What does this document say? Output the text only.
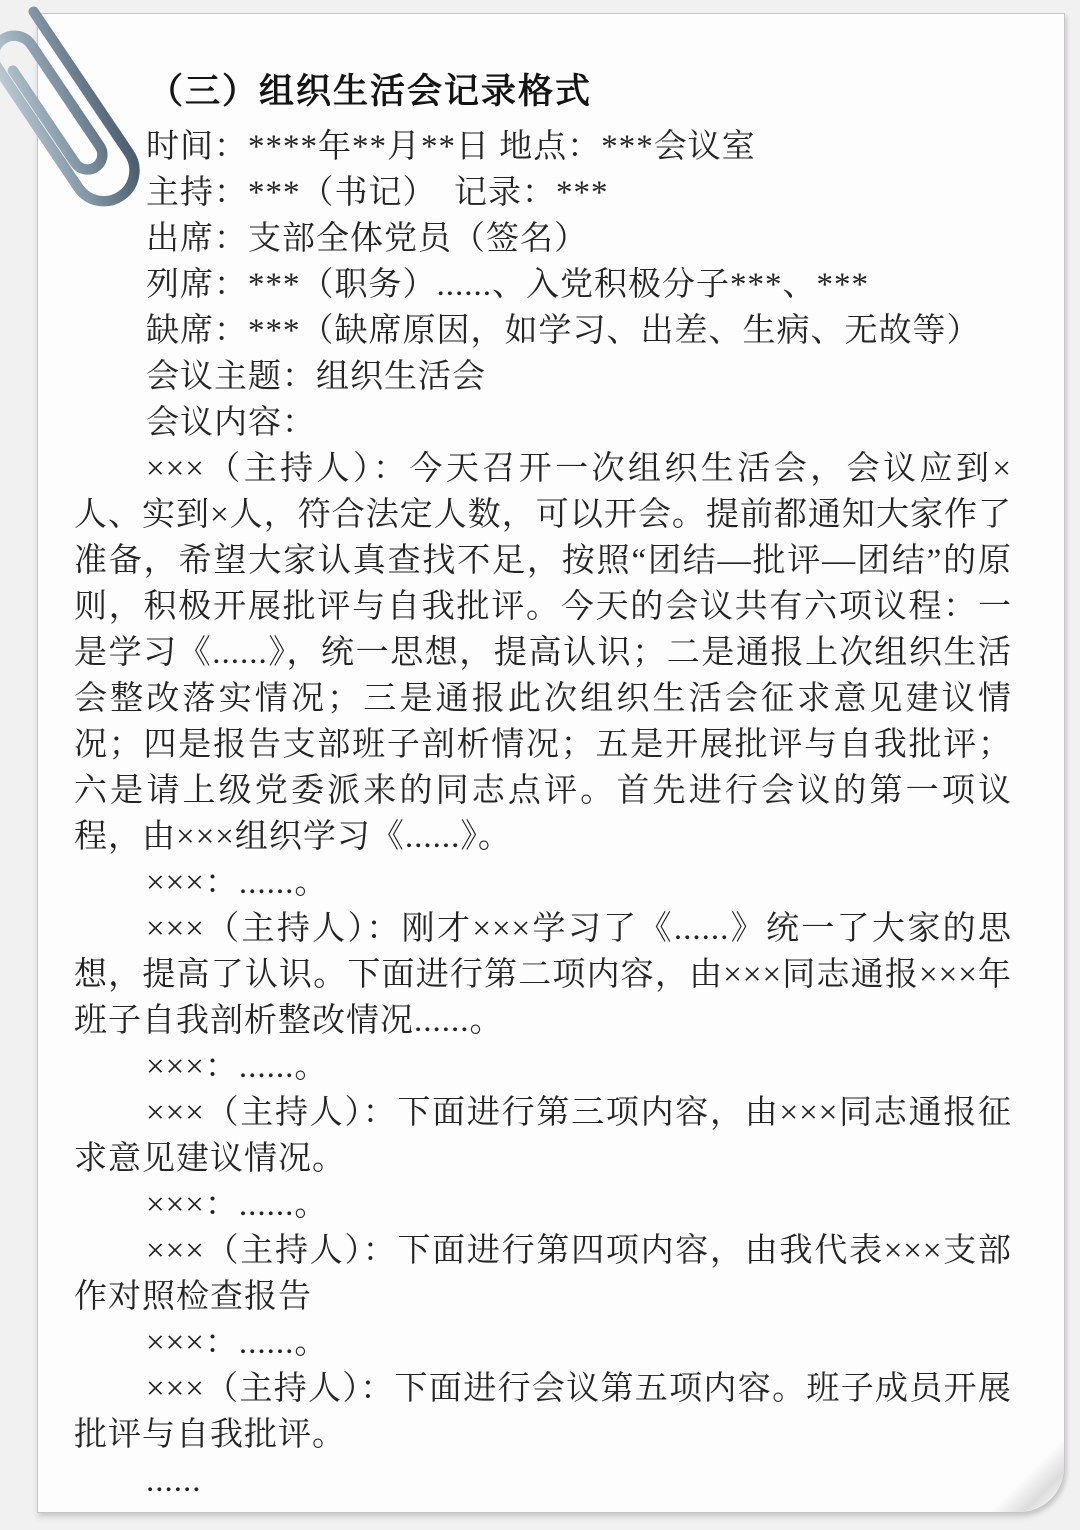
（三）组织生活会记录格式

时间：****年**月**日 地点：***会议室

主持：***（书记）　记录：***

出席：支部全体党员（签名）

列席：***（职务）......、入党积极分子***、***

缺席：***（缺席原因，如学习、出差、生病、无故等）

会议主题：组织生活会

会议内容：

×××（主持人）：今天召开一次组织生活会，会议应到×人、实到×人，符合法定人数，可以开会。提前都通知大家作了准备，希望大家认真查找不足，按照“团结—批评—团结”的原则，积极开展批评与自我批评。今天的会议共有六项议程：一是学习《......》，统一思想，提高认识；二是通报上次组织生活会整改落实情况；三是通报此次组织生活会征求意见建议情况；四是报告支部班子剖析情况；五是开展批评与自我批评；六是请上级党委派来的同志点评。首先进行会议的第一项议程，由×××组织学习《......》。

×××：......。

×××（主持人）：刚才×××学习了《......》统一了大家的思想，提高了认识。下面进行第二项内容，由×××同志通报×××年班子自我剖析整改情况......。

×××：......。

×××（主持人）：下面进行第三项内容，由×××同志通报征求意见建议情况。

×××：......。

×××（主持人）：下面进行第四项内容，由我代表×××支部作对照检查报告

×××：......。

×××（主持人）：下面进行会议第五项内容。班子成员开展批评与自我批评。

......
